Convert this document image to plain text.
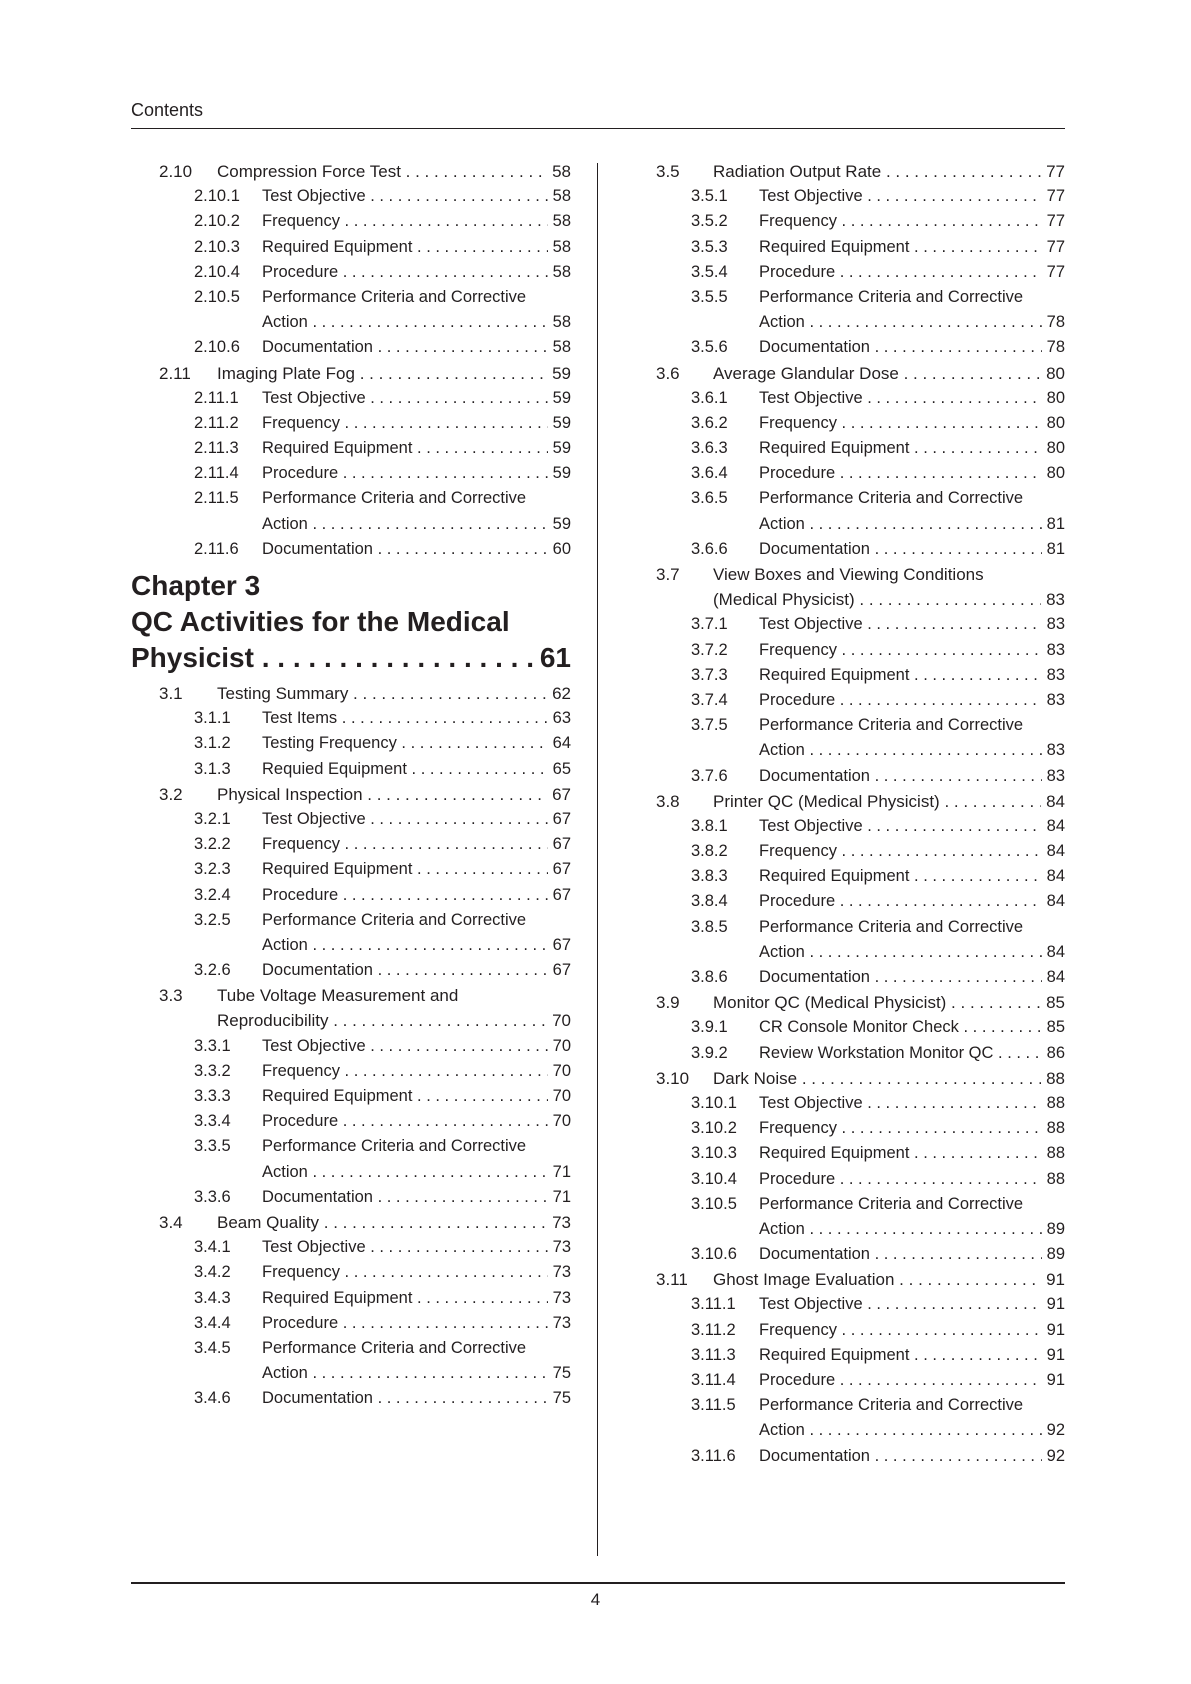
Contents
2.10 Compression Force Test . . .	58
2.10.1 Test Objective . . .	58
2.10.2 Frequency . . .	58
2.10.3 Required Equipment . . .	58
2.10.4 Procedure . . .	58
2.10.5 Performance Criteria and Corrective
Action . . .	58
2.10.6 Documentation . . .	58
2.11 Imaging Plate Fog . . .	59
2.11.1 Test Objective . . .	59
2.11.2 Frequency . . .	59
2.11.3 Required Equipment . . .	59
2.11.4 Procedure . . .	59
2.11.5 Performance Criteria and Corrective
Action . . .	59
2.11.6 Documentation . . .	60
Chapter 3
QC Activities for the Medical
Physicist . . .	61
3.1 Testing Summary . . .	62
3.1.1 Test Items . . .	63
3.1.2 Testing Frequency . . .	64
3.1.3 Requied Equipment . . .	65
3.2 Physical Inspection . . .	67
3.2.1 Test Objective . . .	67
3.2.2 Frequency . . .	67
3.2.3 Required Equipment . . .	67
3.2.4 Procedure . . .	67
3.2.5 Performance Criteria and Corrective
Action . . .	67
3.2.6 Documentation . . .	67
3.3 Tube Voltage Measurement and
Reproducibility . . .	70
3.3.1 Test Objective . . .	70
3.3.2 Frequency . . .	70
3.3.3 Required Equipment . . .	70
3.3.4 Procedure . . .	70
3.3.5 Performance Criteria and Corrective
Action . . .	71
3.3.6 Documentation . . .	71
3.4 Beam Quality . . .	73
3.4.1 Test Objective . . .	73
3.4.2 Frequency . . .	73
3.4.3 Required Equipment . . .	73
3.4.4 Procedure . . .	73
3.4.5 Performance Criteria and Corrective
Action . . .	75
3.4.6 Documentation . . .	75
3.5 Radiation Output Rate . . .	77
3.5.1 Test Objective . . .	77
3.5.2 Frequency . . .	77
3.5.3 Required Equipment . . .	77
3.5.4 Procedure . . .	77
3.5.5 Performance Criteria and Corrective
Action . . .	78
3.5.6 Documentation . . .	78
3.6 Average Glandular Dose . . .	80
3.6.1 Test Objective . . .	80
3.6.2 Frequency . . .	80
3.6.3 Required Equipment . . .	80
3.6.4 Procedure . . .	80
3.6.5 Performance Criteria and Corrective
Action . . .	81
3.6.6 Documentation . . .	81
3.7 View Boxes and Viewing Conditions
(Medical Physicist) . . .	83
3.7.1 Test Objective . . .	83
3.7.2 Frequency . . .	83
3.7.3 Required Equipment . . .	83
3.7.4 Procedure . . .	83
3.7.5 Performance Criteria and Corrective
Action . . .	83
3.7.6 Documentation . . .	83
3.8 Printer QC (Medical Physicist) . . .	84
3.8.1 Test Objective . . .	84
3.8.2 Frequency . . .	84
3.8.3 Required Equipment . . .	84
3.8.4 Procedure . . .	84
3.8.5 Performance Criteria and Corrective
Action . . .	84
3.8.6 Documentation . . .	84
3.9 Monitor QC (Medical Physicist) . . .	85
3.9.1 CR Console Monitor Check . . .	85
3.9.2 Review Workstation Monitor QC . . .	86
3.10 Dark Noise . . .	88
3.10.1 Test Objective . . .	88
3.10.2 Frequency . . .	88
3.10.3 Required Equipment . . .	88
3.10.4 Procedure . . .	88
3.10.5 Performance Criteria and Corrective
Action . . .	89
3.10.6 Documentation . . .	89
3.11 Ghost Image Evaluation . . .	91
3.11.1 Test Objective . . .	91
3.11.2 Frequency . . .	91
3.11.3 Required Equipment . . .	91
3.11.4 Procedure . . .	91
3.11.5 Performance Criteria and Corrective
Action . . .	92
3.11.6 Documentation . . .	92
4
